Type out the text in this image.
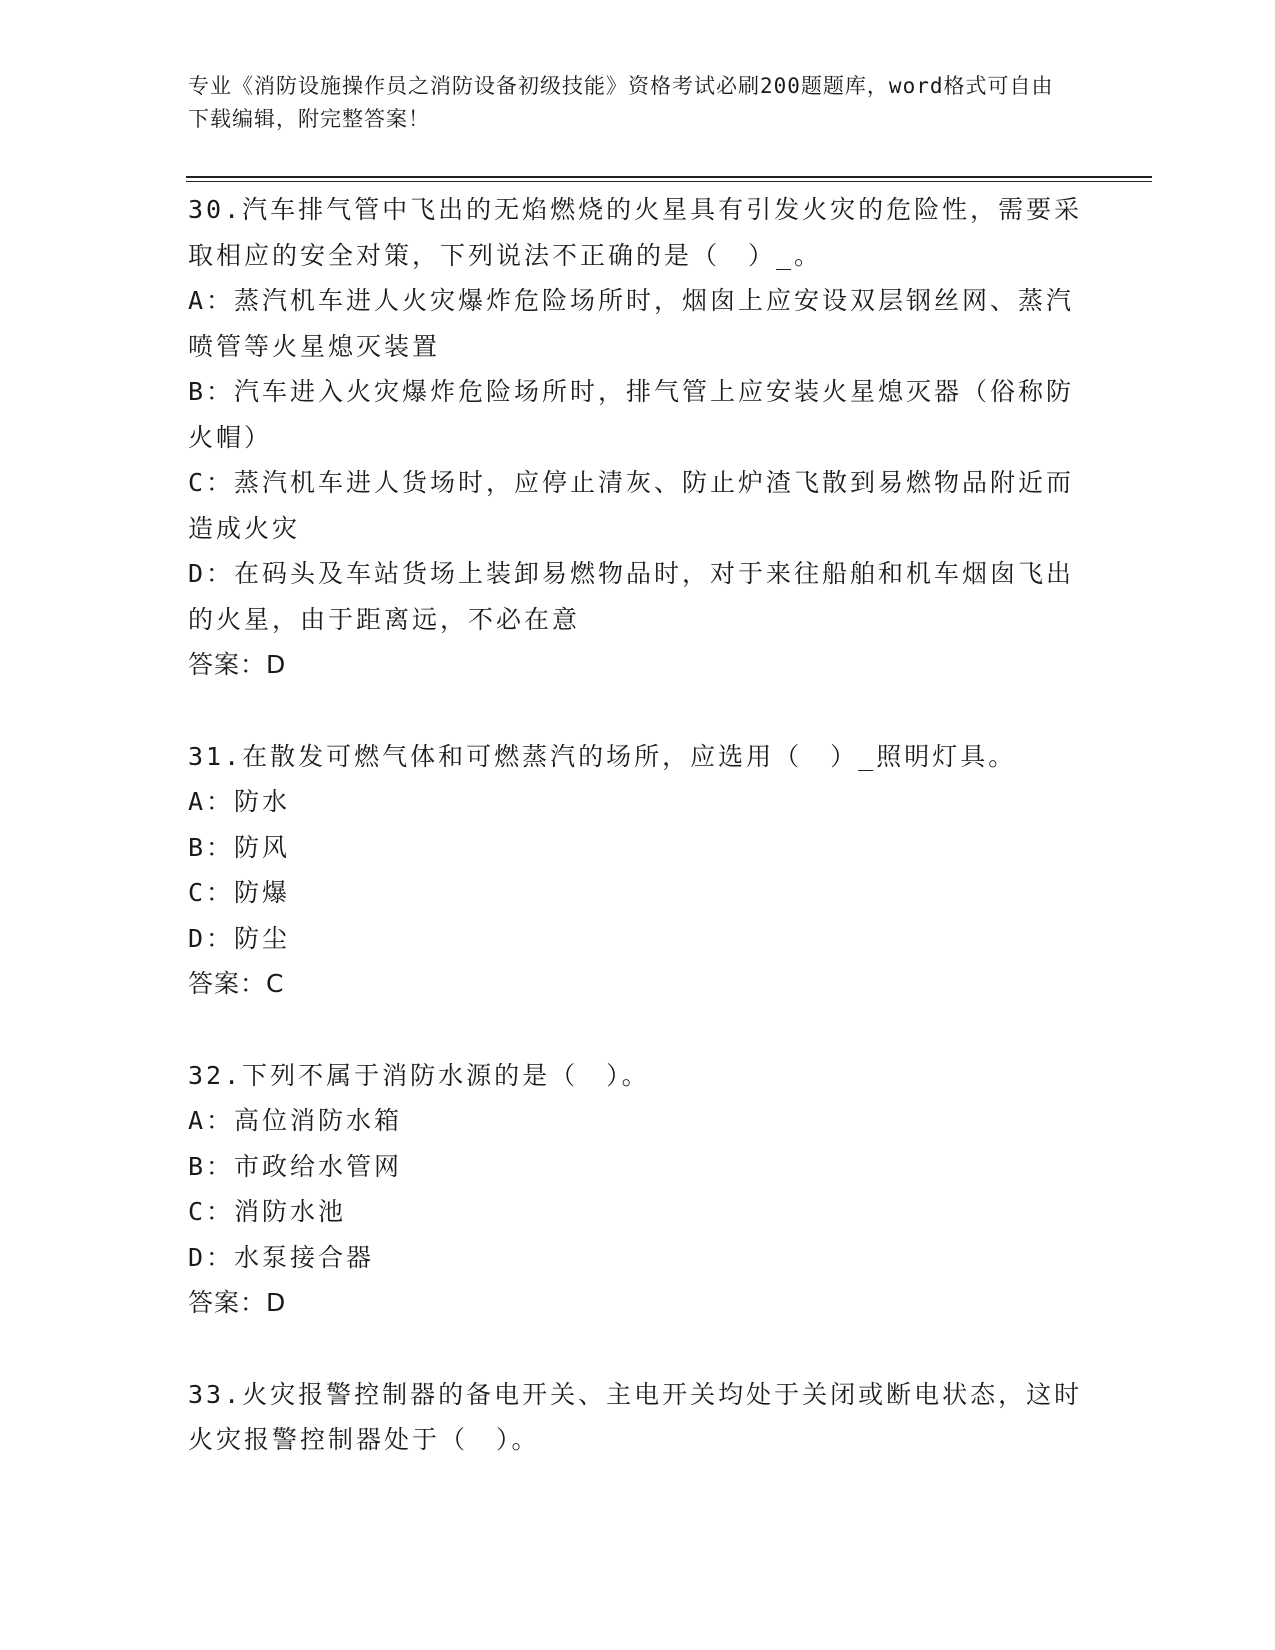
专业《消防设施操作员之消防设备初级技能》资格考试必刷200题题库，word格式可自由下载编辑，附完整答案！
30.汽车排气管中飞出的无焰燃烧的火星具有引发火灾的危险性，需要采取相应的安全对策，下列说法不正确的是（　）_。
A：蒸汽机车进人火灾爆炸危险场所时，烟囱上应安设双层钢丝网、蒸汽喷管等火星熄灭装置
B：汽车进入火灾爆炸危险场所时，排气管上应安装火星熄灭器（俗称防火帽）
C：蒸汽机车进人货场时，应停止清灰、防止炉渣飞散到易燃物品附近而造成火灾
D：在码头及车站货场上装卸易燃物品时，对于来往船舶和机车烟囱飞出的火星，由于距离远，不必在意
答案：D
31.在散发可燃气体和可燃蒸汽的场所，应选用（　）_照明灯具。
A：防水
B：防风
C：防爆
D：防尘
答案：C
32.下列不属于消防水源的是（　）。
A：高位消防水箱
B：市政给水管网
C：消防水池
D：水泵接合器
答案：D
33.火灾报警控制器的备电开关、主电开关均处于关闭或断电状态，这时火灾报警控制器处于（　）。
